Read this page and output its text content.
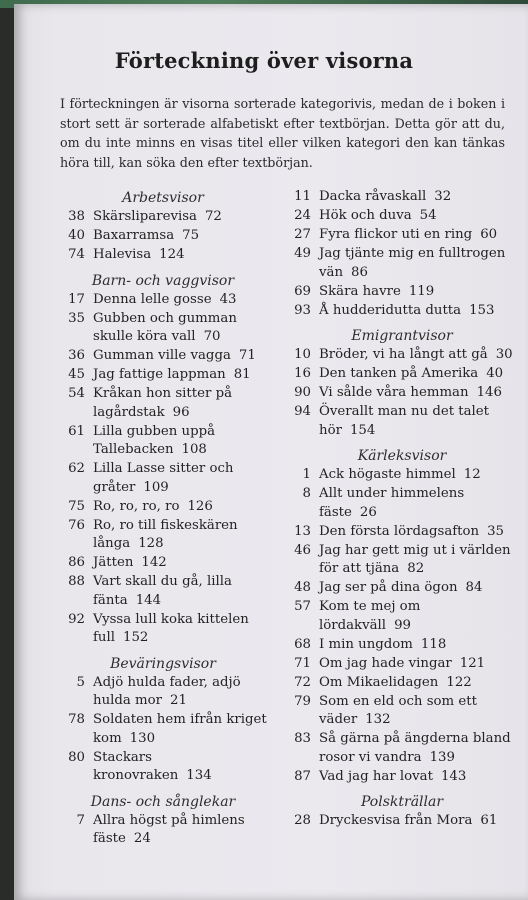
Förteckning över visorna

I förteckningen är visorna sorterade kategorivis, medan de i boken i stort sett är sorterade alfabetiskt efter textbörjan. Detta gör att du, om du inte minns en visas titel eller vilken kategori den kan tänkas höra till, kan söka den efter textbörjan.

Arbetsvisor
38 Skärsliparevisa 72
40 Baxarramsa 75
74 Halevisa 124
Barn- och vaggvisor
17 Denna lelle gosse 43
35 Gubben och gumman skulle köra vall 70
36 Gumman ville vagga 71
45 Jag fattige lappman 81
54 Kråkan hon sitter på lagårdstak 96
61 Lilla gubben uppå Tallebacken 108
62 Lilla Lasse sitter och gråter 109
75 Ro, ro, ro, ro 126
76 Ro, ro till fiskeskären långa 128
86 Jätten 142
88 Vart skall du gå, lilla fänta 144
92 Vyssa lull koka kittelen full 152
Beväringsvisor
5 Adjö hulda fader, adjö hulda mor 21
78 Soldaten hem ifrån kriget kom 130
80 Stackars kronovraken 134
Dans- och sånglekar
7 Allra högst på himlens fäste 24
11 Dacka råvaskall 32
24 Hök och duva 54
27 Fyra flickor uti en ring 60
49 Jag tjänte mig en fulltrogen vän 86
69 Skära havre 119
93 Å hudderidutta dutta 153
Emigrantvisor
10 Bröder, vi ha långt att gå 30
16 Den tanken på Amerika 40
90 Vi sålde våra hemman 146
94 Överallt man nu det talet hör 154
Kärleksvisor
1 Ack högaste himmel 12
8 Allt under himmelens fäste 26
13 Den första lördagsafton 35
46 Jag har gett mig ut i världen för att tjäna 82
48 Jag ser på dina ögon 84
57 Kom te mej om lördakväll 99
68 I min ungdom 118
71 Om jag hade vingar 121
72 Om Mikaelidagen 122
79 Som en eld och som ett väder 132
83 Så gärna på ängderna bland rosor vi vandra 139
87 Vad jag har lovat 143
Polskträllar
28 Dryckesvisa från Mora 61
